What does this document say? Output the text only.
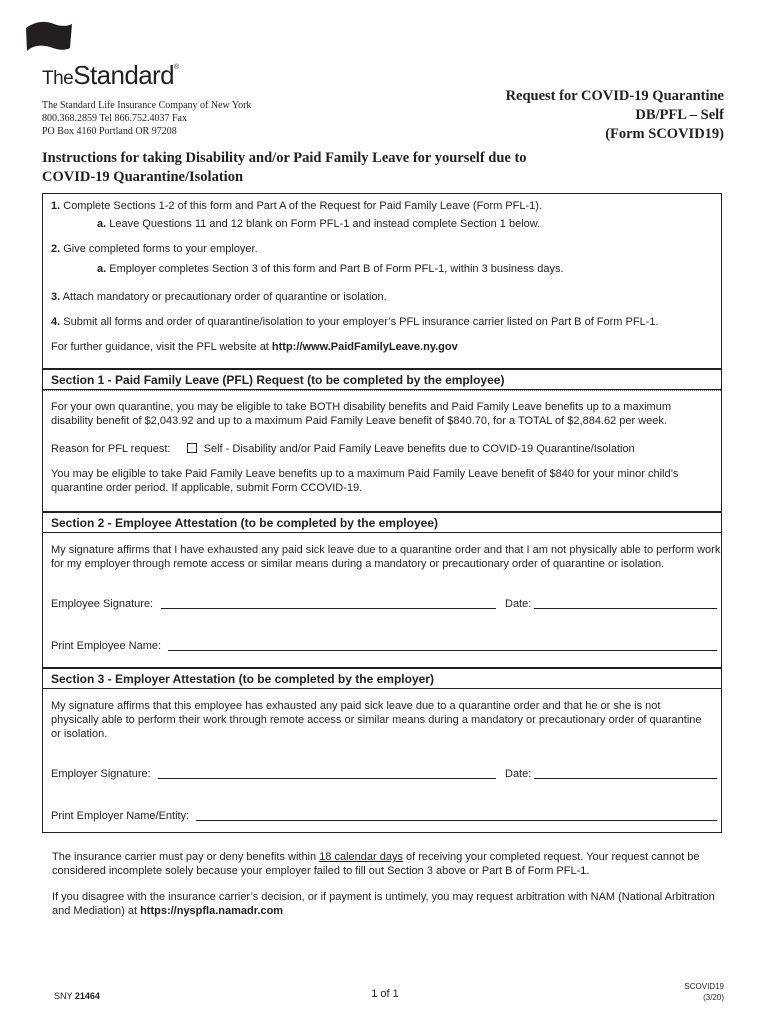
TheStandard®
The Standard Life Insurance Company of New York
800.368.2859 Tel 866.752.4037 Fax
PO Box 4160 Portland OR 97208
Request for COVID-19 Quarantine
DB/PFL – Self
(Form SCOVID19)
Instructions for taking Disability and/or Paid Family Leave for yourself due to
COVID-19 Quarantine/Isolation
1. Complete Sections 1-2 of this form and Part A of the Request for Paid Family Leave (Form PFL-1).
a. Leave Questions 11 and 12 blank on Form PFL-1 and instead complete Section 1 below.
2. Give completed forms to your employer.
a. Employer completes Section 3 of this form and Part B of Form PFL-1, within 3 business days.
3. Attach mandatory or precautionary order of quarantine or isolation.
4. Submit all forms and order of quarantine/isolation to your employer’s PFL insurance carrier listed on Part B of Form PFL-1.
For further guidance, visit the PFL website at http://www.PaidFamilyLeave.ny.gov
Section 1 - Paid Family Leave (PFL) Request (to be completed by the employee)
For your own quarantine, you may be eligible to take BOTH disability benefits and Paid Family Leave benefits up to a maximum disability benefit of $2,043.92 and up to a maximum Paid Family Leave benefit of $840.70, for a TOTAL of $2,884.62 per week.
Reason for PFL request:	Self - Disability and/or Paid Family Leave benefits due to COVID-19 Quarantine/Isolation
You may be eligible to take Paid Family Leave benefits up to a maximum Paid Family Leave benefit of $840 for your minor child’s quarantine order period. If applicable, submit Form CCOVID-19.
Section 2 - Employee Attestation (to be completed by the employee)
My signature affirms that I have exhausted any paid sick leave due to a quarantine order and that I am not physically able to perform work for my employer through remote access or similar means during a mandatory or precautionary order of quarantine or isolation.
Employee Signature:	Date:
Print Employee Name:
Section 3 - Employer Attestation (to be completed by the employer)
My signature affirms that this employee has exhausted any paid sick leave due to a quarantine order and that he or she is not physically able to perform their work through remote access or similar means during a mandatory or precautionary order of quarantine or isolation.
Employer Signature:	Date:
Print Employer Name/Entity:
The insurance carrier must pay or deny benefits within 18 calendar days of receiving your completed request. Your request cannot be considered incomplete solely because your employer failed to fill out Section 3 above or Part B of Form PFL-1.
If you disagree with the insurance carrier’s decision, or if payment is untimely, you may request arbitration with NAM (National Arbitration and Mediation) at https://nyspfla.namadr.com
SNY 21464	1 of 1
SCOVID19
(3/20)
